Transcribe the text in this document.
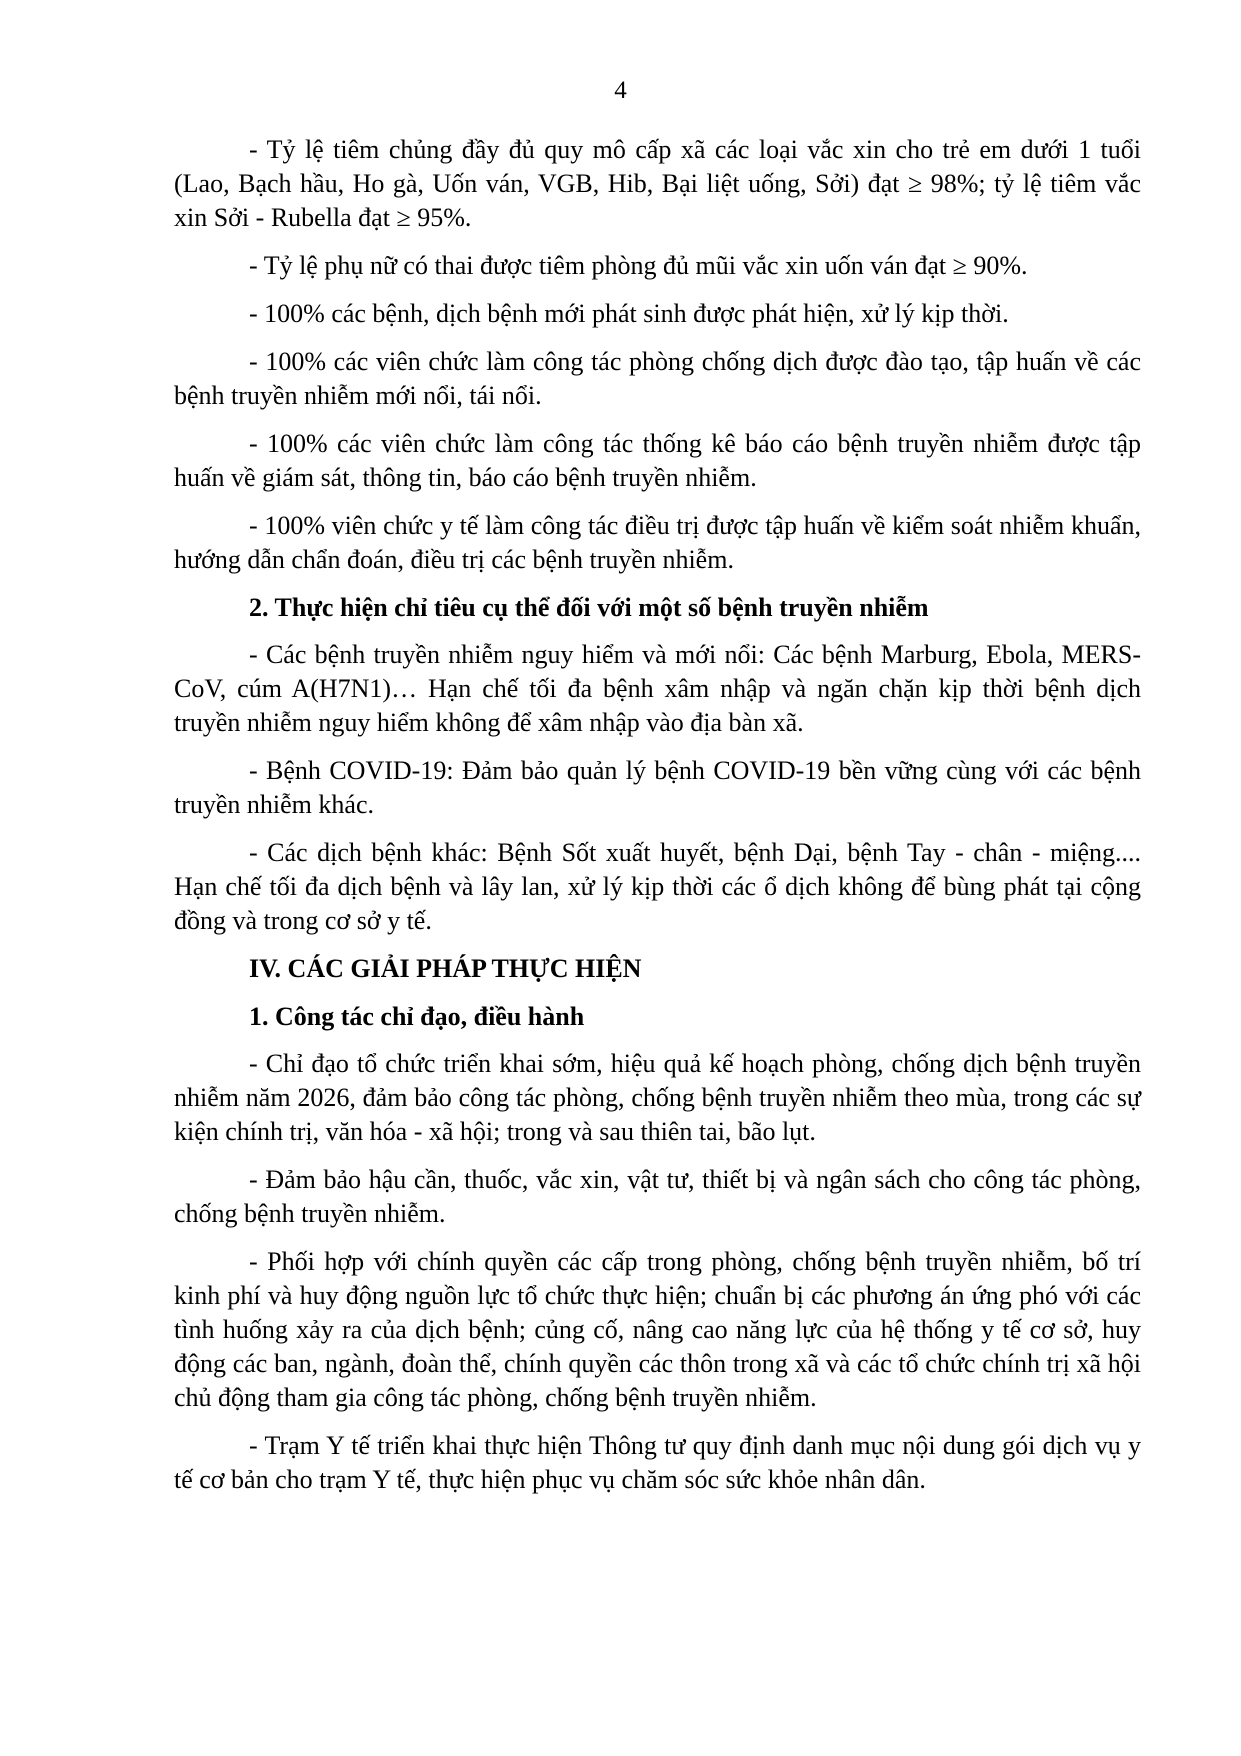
4

- Tỷ lệ tiêm chủng đầy đủ quy mô cấp xã các loại vắc xin cho trẻ em dưới 1 tuổi (Lao, Bạch hầu, Ho gà, Uốn ván, VGB, Hib, Bại liệt uống, Sởi) đạt ≥ 98%; tỷ lệ tiêm vắc xin Sởi - Rubella đạt ≥ 95%.

- Tỷ lệ phụ nữ có thai được tiêm phòng đủ mũi vắc xin uốn ván đạt ≥ 90%.

- 100% các bệnh, dịch bệnh mới phát sinh được phát hiện, xử lý kịp thời.

- 100% các viên chức làm công tác phòng chống dịch được đào tạo, tập huấn về các bệnh truyền nhiễm mới nổi, tái nổi.

- 100% các viên chức làm công tác thống kê báo cáo bệnh truyền nhiễm được tập huấn về giám sát, thông tin, báo cáo bệnh truyền nhiễm.

- 100% viên chức y tế làm công tác điều trị được tập huấn về kiểm soát nhiễm khuẩn, hướng dẫn chẩn đoán, điều trị các bệnh truyền nhiễm.

2. Thực hiện chỉ tiêu cụ thể đối với một số bệnh truyền nhiễm

- Các bệnh truyền nhiễm nguy hiểm và mới nổi: Các bệnh Marburg, Ebola, MERS-CoV, cúm A(H7N1)… Hạn chế tối đa bệnh xâm nhập và ngăn chặn kịp thời bệnh dịch truyền nhiễm nguy hiểm không để xâm nhập vào địa bàn xã.

- Bệnh COVID-19: Đảm bảo quản lý bệnh COVID-19 bền vững cùng với các bệnh truyền nhiễm khác.

- Các dịch bệnh khác: Bệnh Sốt xuất huyết, bệnh Dại, bệnh Tay - chân - miệng.... Hạn chế tối đa dịch bệnh và lây lan, xử lý kịp thời các ổ dịch không để bùng phát tại cộng đồng và trong cơ sở y tế.

IV. CÁC GIẢI PHÁP THỰC HIỆN

1. Công tác chỉ đạo, điều hành

- Chỉ đạo tổ chức triển khai sớm, hiệu quả kế hoạch phòng, chống dịch bệnh truyền nhiễm năm 2026, đảm bảo công tác phòng, chống bệnh truyền nhiễm theo mùa, trong các sự kiện chính trị, văn hóa - xã hội; trong và sau thiên tai, bão lụt.

- Đảm bảo hậu cần, thuốc, vắc xin, vật tư, thiết bị và ngân sách cho công tác phòng, chống bệnh truyền nhiễm.

- Phối hợp với chính quyền các cấp trong phòng, chống bệnh truyền nhiễm, bố trí kinh phí và huy động nguồn lực tổ chức thực hiện; chuẩn bị các phương án ứng phó với các tình huống xảy ra của dịch bệnh; củng cố, nâng cao năng lực của hệ thống y tế cơ sở, huy động các ban, ngành, đoàn thể, chính quyền các thôn trong xã và các tổ chức chính trị xã hội chủ động tham gia công tác phòng, chống bệnh truyền nhiễm.

- Trạm Y tế triển khai thực hiện Thông tư quy định danh mục nội dung gói dịch vụ y tế cơ bản cho trạm Y tế, thực hiện phục vụ chăm sóc sức khỏe nhân dân.
